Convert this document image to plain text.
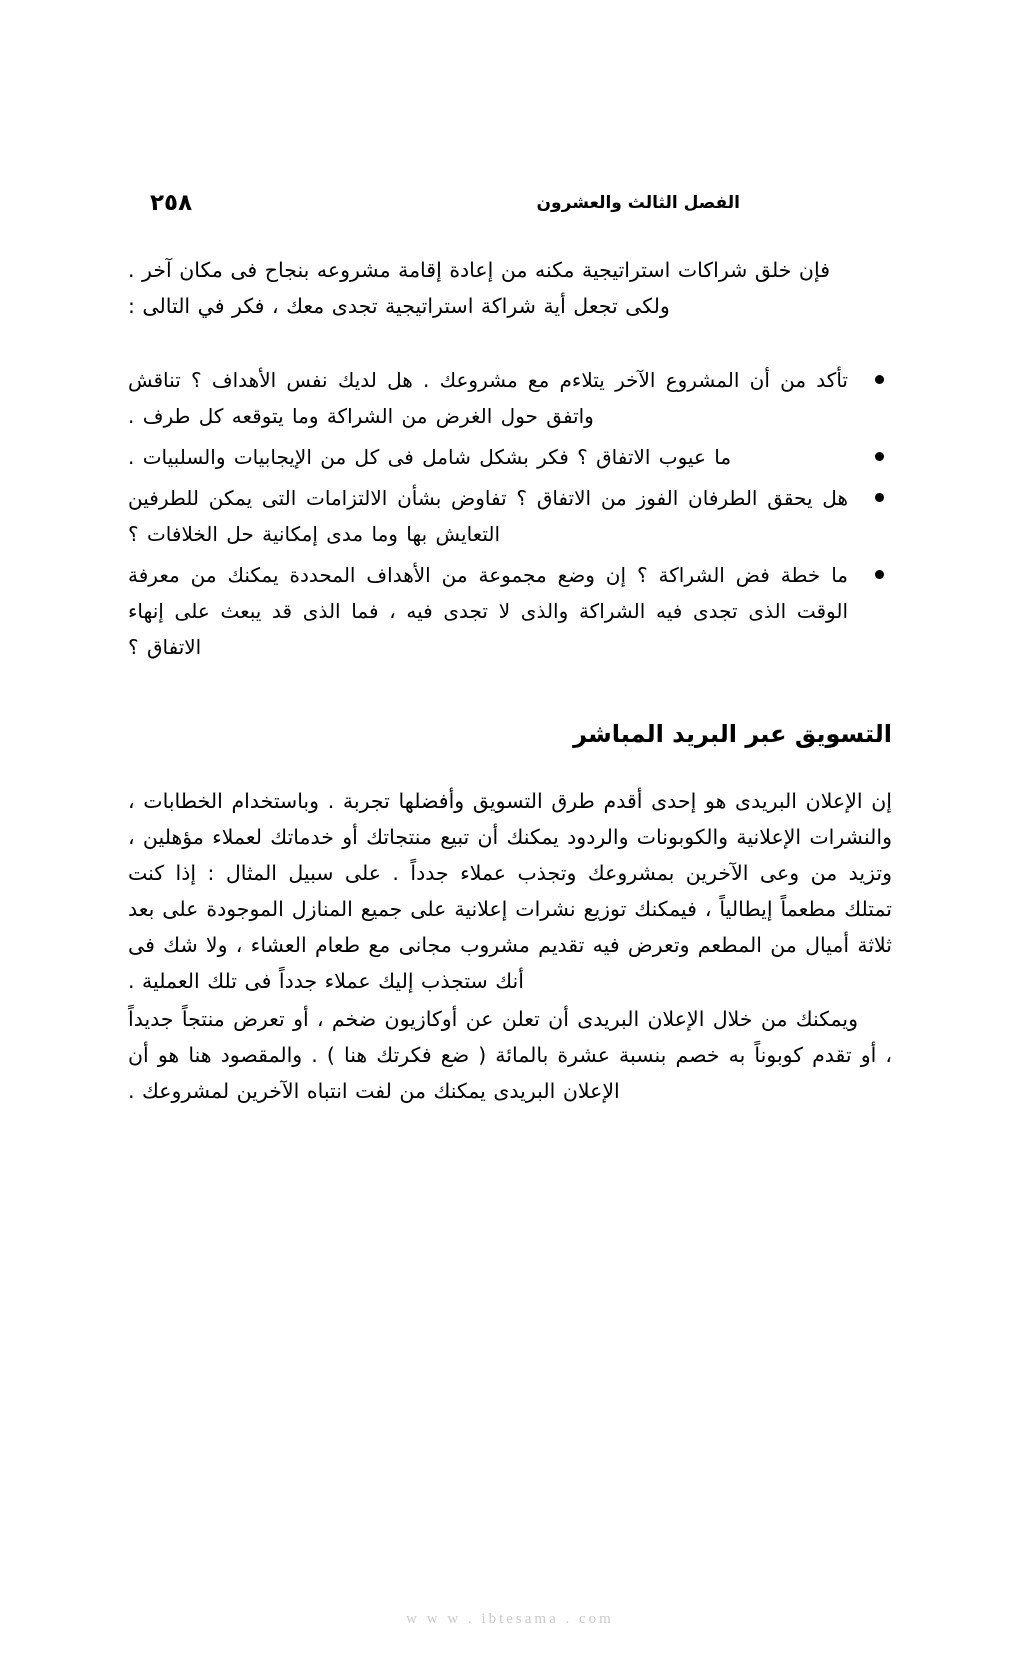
٢٥٨	الفصل الثالث والعشرون

فإن خلق شراكات استراتيجية مكنه من إعادة إقامة مشروعه بنجاح فى مكان آخر .

ولكى تجعل أية شراكة استراتيجية تجدى معك ، فكر في التالى :

تأكد من أن المشروع الآخر يتلاءم مع مشروعك . هل لديك نفس الأهداف ؟ تناقش واتفق حول الغرض من الشراكة وما يتوقعه كل طرف .
ما عيوب الاتفاق ؟ فكر بشكل شامل فى كل من الإيجابيات والسلبيات .
هل يحقق الطرفان الفوز من الاتفاق ؟ تفاوض بشأن الالتزامات التى يمكن للطرفين التعايش بها وما مدى إمكانية حل الخلافات ؟
ما خطة فض الشراكة ؟ إن وضع مجموعة من الأهداف المحددة يمكنك من معرفة الوقت الذى تجدى فيه الشراكة والذى لا تجدى فيه ، فما الذى قد يبعث على إنهاء الاتفاق ؟
التسويق عبر البريد المباشر

إن الإعلان البريدى هو إحدى أقدم طرق التسويق وأفضلها تجربة . وباستخدام الخطابات ، والنشرات الإعلانية والكوبونات والردود يمكنك أن تبيع منتجاتك أو خدماتك لعملاء مؤهلين ، وتزيد من وعى الآخرين بمشروعك وتجذب عملاء جدداً . على سبيل المثال : إذا كنت تمتلك مطعماً إيطالياً ، فيمكنك توزيع نشرات إعلانية على جميع المنازل الموجودة على بعد ثلاثة أميال من المطعم وتعرض فيه تقديم مشروب مجانى مع طعام العشاء ، ولا شك فى أنك ستجذب إليك عملاء جدداً فى تلك العملية .

ويمكنك من خلال الإعلان البريدى أن تعلن عن أوكازيون ضخم ، أو تعرض منتجاً جديداً ، أو تقدم كوبوناً به خصم بنسبة عشرة بالمائة ( ضع فكرتك هنا ) . والمقصود هنا هو أن الإعلان البريدى يمكنك من لفت انتباه الآخرين لمشروعك .

w w w . ibtesama . com
